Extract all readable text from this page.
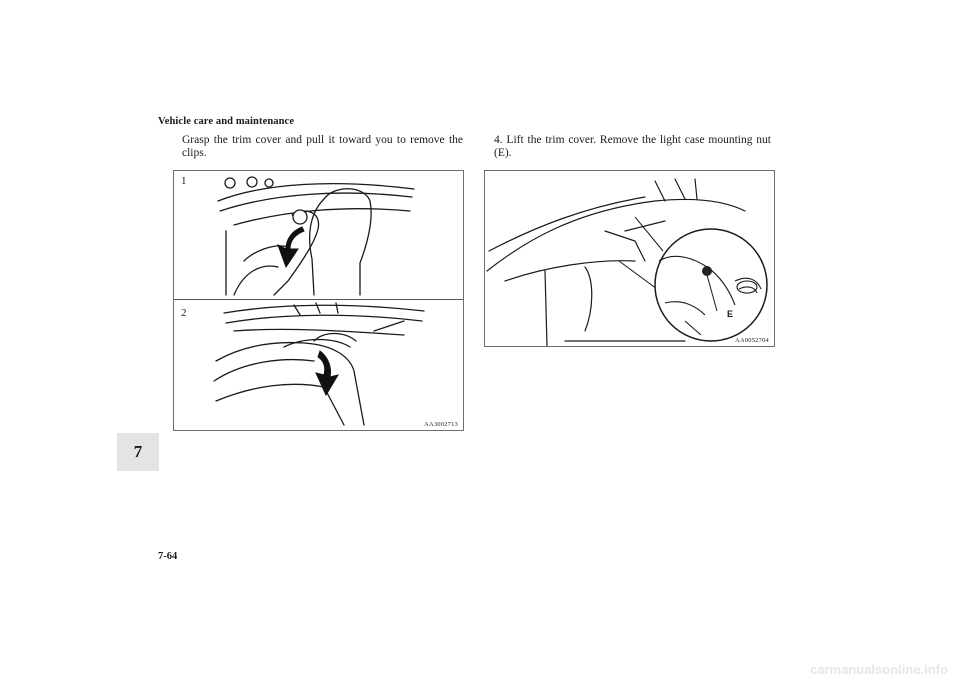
Vehicle care and maintenance
7
7-64
Grasp the trim cover and pull it toward you to remove the clips.
1
2
AA3002713
4. Lift the trim cover. Remove the light case mounting nut (E).
E
AA0052704
carmanualsonline.info
